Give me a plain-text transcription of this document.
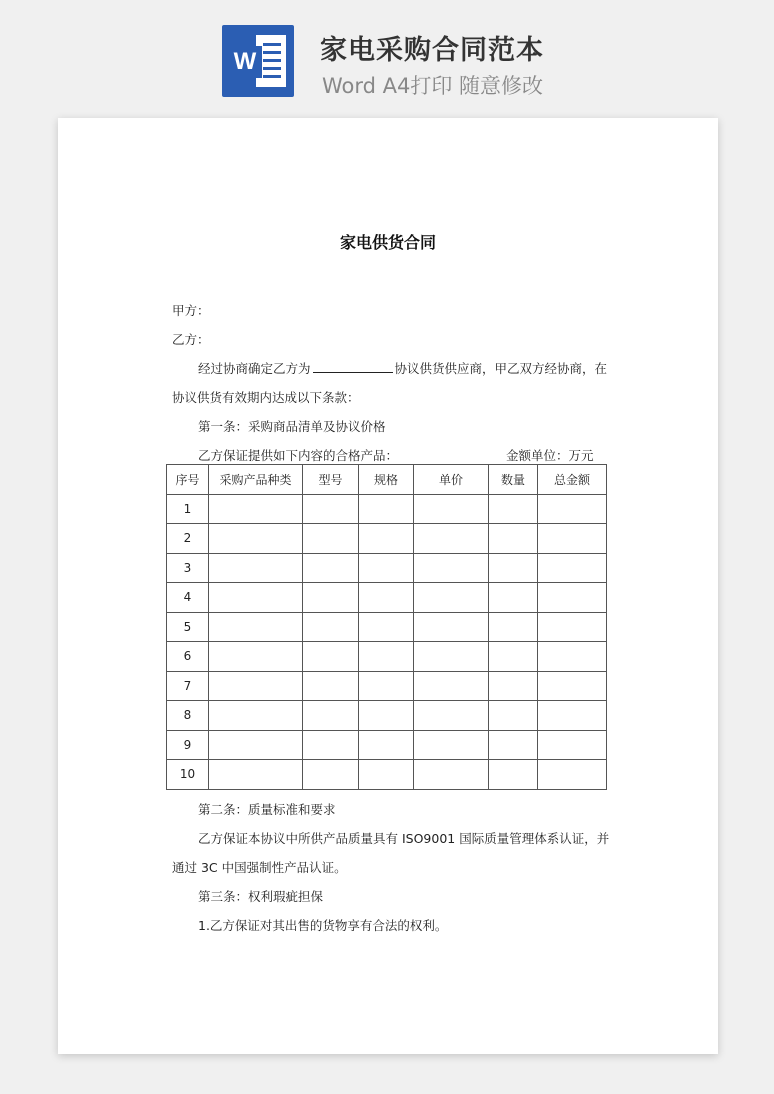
W 家电采购合同范本
Word A4打印 随意修改
家电供货合同
甲方：
乙方：
经过协商确定乙方为	协议供货供应商，甲乙双方经协商，在
协议供货有效期内达成以下条款：
第一条：采购商品清单及协议价格
乙方保证提供如下内容的合格产品：	金额单位：万元
序号	采购产品种类	型号	规格	单价	数量	总金额
1						
2						
3						
4						
5						
6						
7						
8						
9						
10						
第二条：质量标准和要求
乙方保证本协议中所供产品质量具有 ISO9001 国际质量管理体系认证，并
通过 3C 中国强制性产品认证。
第三条：权利瑕疵担保
1.乙方保证对其出售的货物享有合法的权利。
